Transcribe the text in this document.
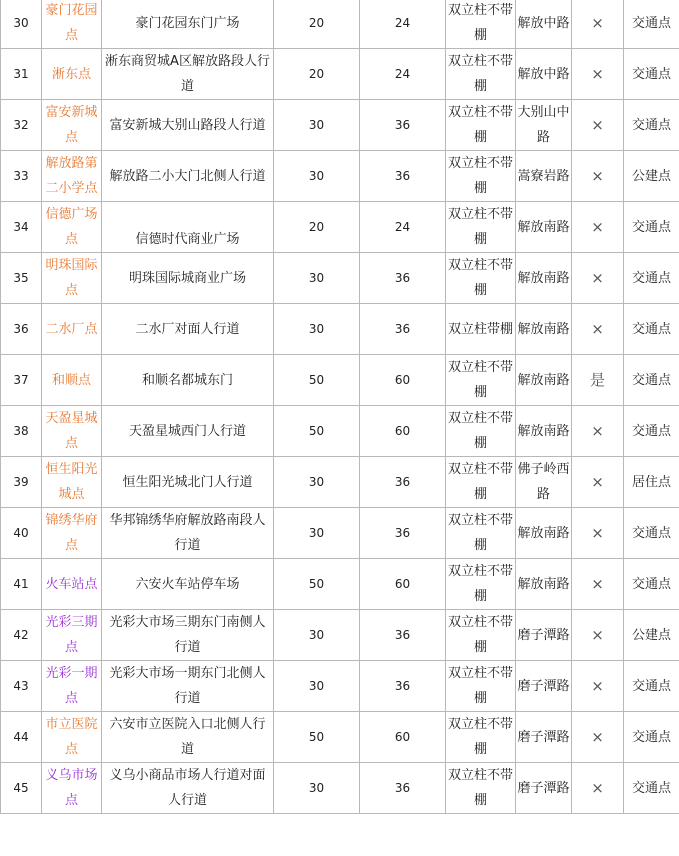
30	豪门花园点	豪门花园东门广场	20	24	双立柱不带棚	解放中路	×	交通点	
31	淅东点	淅东商贸城A区解放路段人行道	20	24	双立柱不带棚	解放中路	×	交通点	
32	富安新城点	富安新城大别山路段人行道	30	36	双立柱不带棚	大别山中路	×	交通点	
33	解放路第二小学点	解放路二小大门北侧人行道	30	36	双立柱不带棚	嵩寮岩路	×	公建点	
34	信德广场点	信德时代商业广场	20	24	双立柱不带棚	解放南路	×	交通点	
35	明珠国际点	明珠国际城商业广场	30	36	双立柱不带棚	解放南路	×	交通点	
36	二水厂点	二水厂对面人行道	30	36	双立柱带棚	解放南路	×	交通点	
37	和顺点	和顺名都城东门	50	60	双立柱不带棚	解放南路	是	交通点	
38	天盈星城点	天盈星城西门人行道	50	60	双立柱不带棚	解放南路	×	交通点	
39	恒生阳光城点	恒生阳光城北门人行道	30	36	双立柱不带棚	佛子岭西路	×	居住点	
40	锦绣华府点	华邦锦绣华府解放路南段人行道	30	36	双立柱不带棚	解放南路	×	交通点	
41	火车站点	六安火车站停车场	50	60	双立柱不带棚	解放南路	×	交通点	
42	光彩三期点	光彩大市场三期东门南侧人行道	30	36	双立柱不带棚	磨子潭路	×	公建点	
43	光彩一期点	光彩大市场一期东门北侧人行道	30	36	双立柱不带棚	磨子潭路	×	交通点	
44	市立医院点	六安市立医院入口北侧人行道	50	60	双立柱不带棚	磨子潭路	×	交通点	
45	义乌市场点	义乌小商品市场人行道对面人行道	30	36	双立柱不带棚	磨子潭路	×	交通点	
